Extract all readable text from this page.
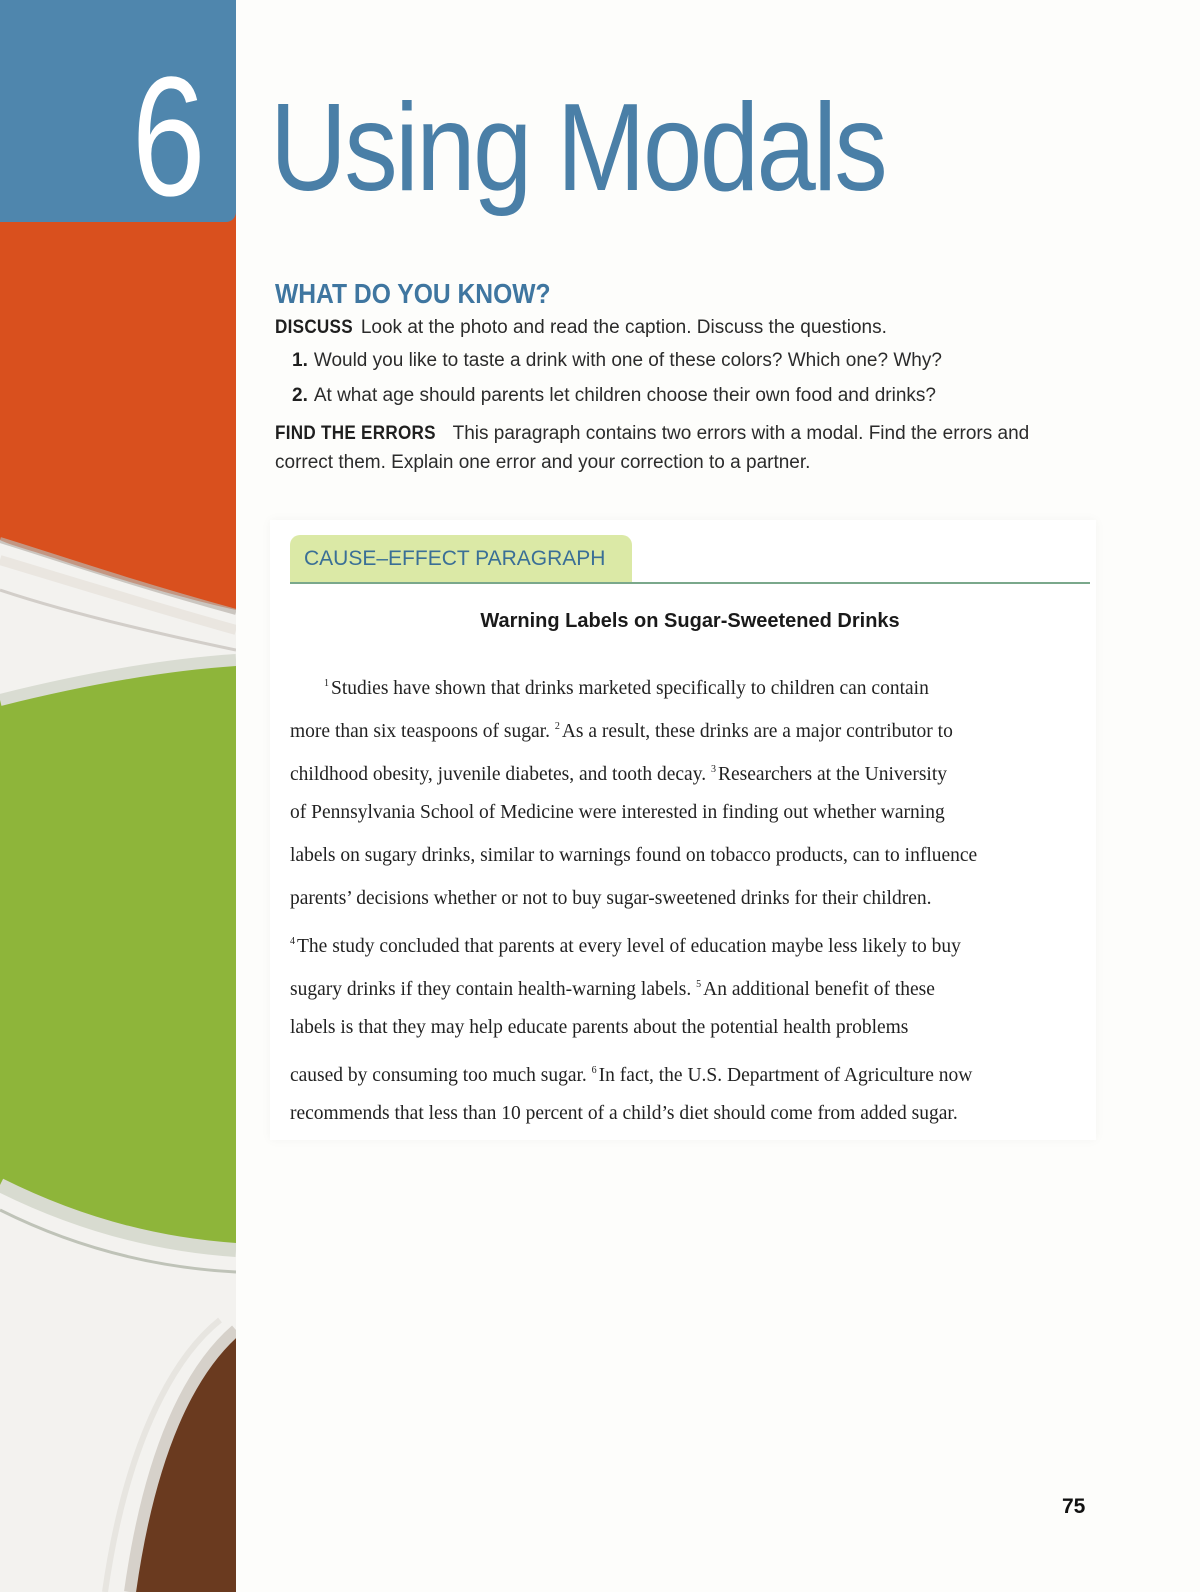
6 Using Modals
WHAT DO YOU KNOW?
DISCUSS Look at the photo and read the caption. Discuss the questions.
1. Would you like to taste a drink with one of these colors? Which one? Why?
2. At what age should parents let children choose their own food and drinks?
FIND THE ERRORS This paragraph contains two errors with a modal. Find the errors and
correct them. Explain one error and your correction to a partner.
CAUSE–EFFECT PARAGRAPH
Warning Labels on Sugar-Sweetened Drinks
$^1$ Studies have shown that drinks marketed specifically to children can contain
more than six teaspoons of sugar. $^2$ As a result, these drinks are a major contributor to
childhood obesity, juvenile diabetes, and tooth decay. $^3$ Researchers at the University
of Pennsylvania School of Medicine were interested in finding out whether warning
labels on sugary drinks, similar to warnings found on tobacco products, can to influence
parents’ decisions whether or not to buy sugar-sweetened drinks for their children.
$^4$ The study concluded that parents at every level of education maybe less likely to buy
sugary drinks if they contain health-warning labels. $^5$ An additional benefit of these
labels is that they may help educate parents about the potential health problems
caused by consuming too much sugar. $^6$ In fact, the U.S. Department of Agriculture now
recommends that less than 10 percent of a child’s diet should come from added sugar.
75
